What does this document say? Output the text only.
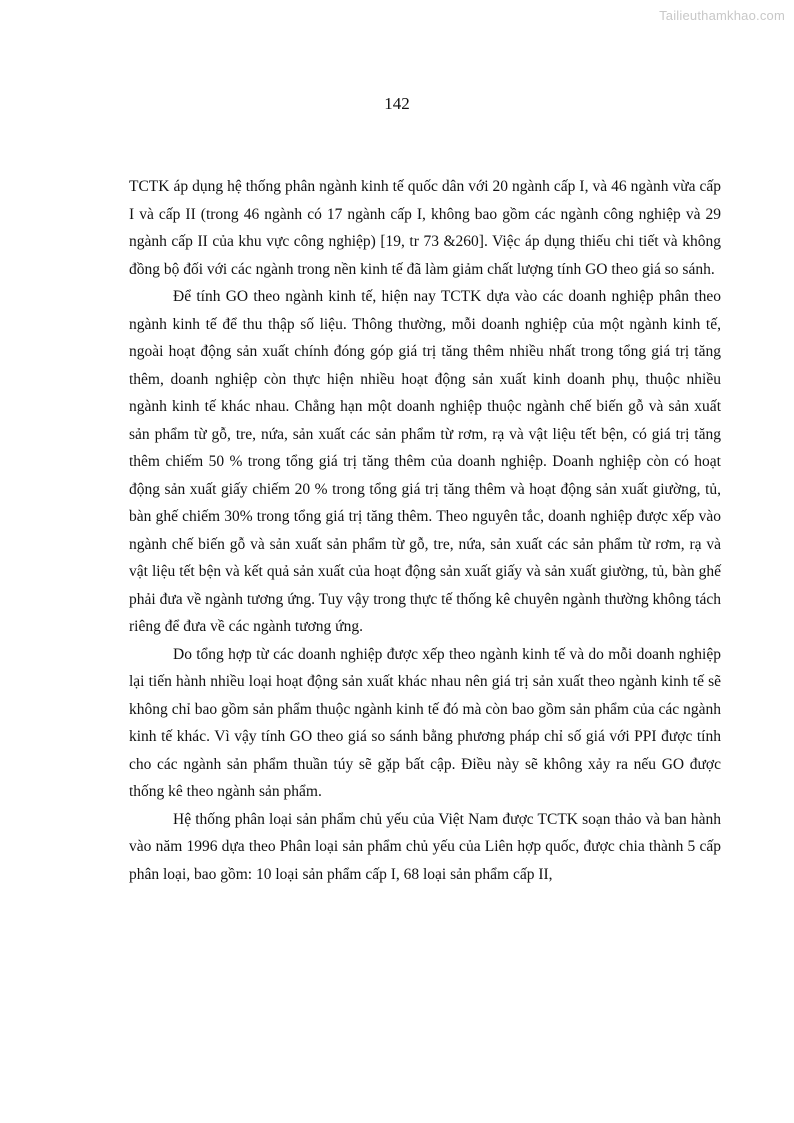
Tailieuthamkhao.com
142

TCTK áp dụng hệ thống phân ngành kinh tế quốc dân với 20 ngành cấp I, và 46 ngành vừa cấp I và cấp II (trong 46 ngành có 17 ngành cấp I, không bao gồm các ngành công nghiệp và 29 ngành cấp II của khu vực công nghiệp) [19, tr 73 &260]. Việc áp dụng thiếu chi tiết và không đồng bộ đối với các ngành trong nền kinh tế đã làm giảm chất lượng tính GO theo giá so sánh.

Để tính GO theo ngành kinh tế, hiện nay TCTK dựa vào các doanh nghiệp phân theo ngành kinh tế để thu thập số liệu. Thông thường, mỗi doanh nghiệp của một ngành kinh tế, ngoài hoạt động sản xuất chính đóng góp giá trị tăng thêm nhiều nhất trong tổng giá trị tăng thêm, doanh nghiệp còn thực hiện nhiều hoạt động sản xuất kinh doanh phụ, thuộc nhiều ngành kinh tế khác nhau. Chẳng hạn một doanh nghiệp thuộc ngành chế biến gỗ và sản xuất sản phẩm từ gỗ, tre, nứa, sản xuất các sản phẩm từ rơm, rạ và vật liệu tết bện, có giá trị tăng thêm chiếm 50 % trong tổng giá trị tăng thêm của doanh nghiệp. Doanh nghiệp còn có hoạt động sản xuất giấy chiếm 20 % trong tổng giá trị tăng thêm và hoạt động sản xuất giường, tủ, bàn ghế chiếm 30% trong tổng giá trị tăng thêm. Theo nguyên tắc, doanh nghiệp được xếp vào ngành chế biến gỗ và sản xuất sản phẩm từ gỗ, tre, nứa, sản xuất các sản phẩm từ rơm, rạ và vật liệu tết bện và kết quả sản xuất của hoạt động sản xuất giấy và sản xuất giường, tủ, bàn ghế phải đưa về ngành tương ứng. Tuy vậy trong thực tế thống kê chuyên ngành thường không tách riêng để đưa về các ngành tương ứng.

Do tổng hợp từ các doanh nghiệp được xếp theo ngành kinh tế và do mỗi doanh nghiệp lại tiến hành nhiều loại hoạt động sản xuất khác nhau nên giá trị sản xuất theo ngành kinh tế sẽ không chỉ bao gồm sản phẩm thuộc ngành kinh tế đó mà còn bao gồm sản phẩm của các ngành kinh tế khác. Vì vậy tính GO theo giá so sánh bằng phương pháp chỉ số giá với PPI được tính cho các ngành sản phẩm thuần túy sẽ gặp bất cập. Điều này sẽ không xảy ra nếu GO được thống kê theo ngành sản phẩm.

Hệ thống phân loại sản phẩm chủ yếu của Việt Nam được TCTK soạn thảo và ban hành vào năm 1996 dựa theo Phân loại sản phẩm chủ yếu của Liên hợp quốc, được chia thành 5 cấp phân loại, bao gồm: 10 loại sản phẩm cấp I, 68 loại sản phẩm cấp II,
